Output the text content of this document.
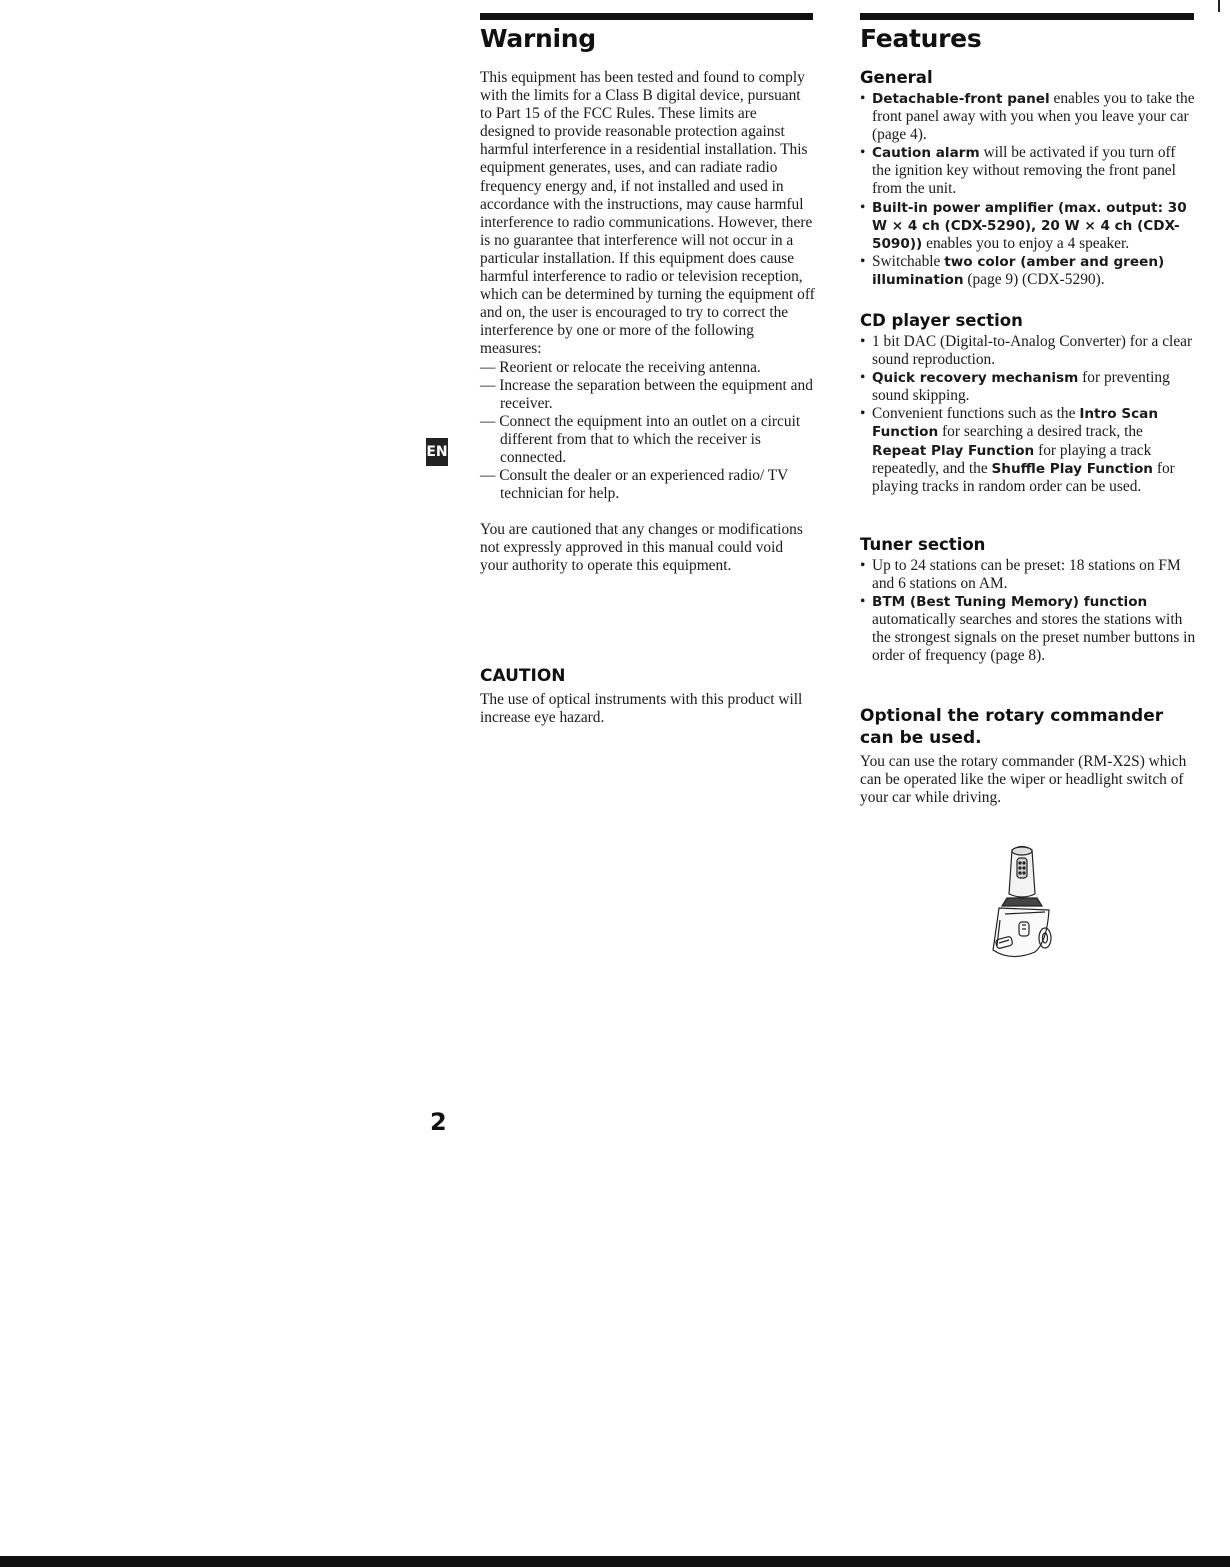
Warning

This equipment has been tested and found to comply with the limits for a Class B digital device, pursuant to Part 15 of the FCC Rules. These limits are designed to provide reasonable protection against harmful interference in a residential installation. This equipment generates, uses, and can radiate radio frequency energy and, if not installed and used in accordance with the instructions, may cause harmful interference to radio communications. However, there is no guarantee that interference will not occur in a particular installation. If this equipment does cause harmful interference to radio or television reception, which can be determined by turning the equipment off and on, the user is encouraged to try to correct the interference by one or more of the following measures:

— Reorient or relocate the receiving antenna.
— Increase the separation between the equipment and receiver.
— Connect the equipment into an outlet on a circuit different from that to which the receiver is connected.
— Consult the dealer or an experienced radio/ TV technician for help.

You are cautioned that any changes or modifications not expressly approved in this manual could void your authority to operate this equipment.

CAUTION

The use of optical instruments with this product will increase eye hazard.

EN
Features
General
• Detachable-front panel enables you to take the front panel away with you when you leave your car (page 4).
• Caution alarm will be activated if you turn off the ignition key without removing the front panel from the unit.
• Built-in power amplifier (max. output: 30 W × 4 ch (CDX-5290), 20 W × 4 ch (CDX-5090)) enables you to enjoy a 4 speaker.
• Switchable two color (amber and green) illumination (page 9) (CDX-5290).
CD player section
• 1 bit DAC (Digital-to-Analog Converter) for a clear sound reproduction.
• Quick recovery mechanism for preventing sound skipping.
• Convenient functions such as the Intro Scan Function for searching a desired track, the Repeat Play Function for playing a track repeatedly, and the Shuffle Play Function for playing tracks in random order can be used.
Tuner section
• Up to 24 stations can be preset: 18 stations on FM and 6 stations on AM.
• BTM (Best Tuning Memory) function automatically searches and stores the stations with the strongest signals on the preset number buttons in order of frequency (page 8).
Optional the rotary commander can be used.

You can use the rotary commander (RM-X2S) which can be operated like the wiper or headlight switch of your car while driving.

2
